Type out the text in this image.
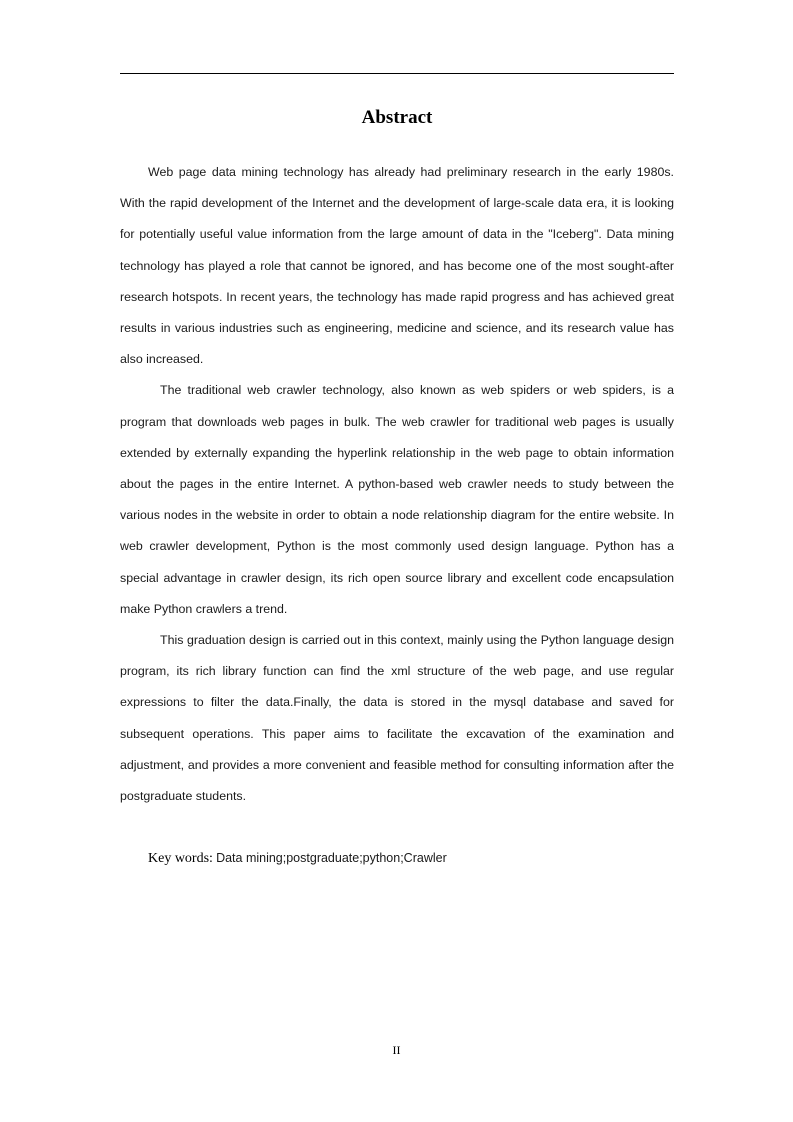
Abstract

Web page data mining technology has already had preliminary research in the early 1980s. With the rapid development of the Internet and the development of large-scale data era, it is looking for potentially useful value information from the large amount of data in the "Iceberg". Data mining technology has played a role that cannot be ignored, and has become one of the most sought-after research hotspots. In recent years, the technology has made rapid progress and has achieved great results in various industries such as engineering, medicine and science, and its research value has also increased.

The traditional web crawler technology, also known as web spiders or web spiders, is a program that downloads web pages in bulk. The web crawler for traditional web pages is usually extended by externally expanding the hyperlink relationship in the web page to obtain information about the pages in the entire Internet. A python-based web crawler needs to study between the various nodes in the website in order to obtain a node relationship diagram for the entire website. In web crawler development, Python is the most commonly used design language. Python has a special advantage in crawler design, its rich open source library and excellent code encapsulation make Python crawlers a trend.

This graduation design is carried out in this context, mainly using the Python language design program, its rich library function can find the xml structure of the web page, and use regular expressions to filter the data.Finally, the data is stored in the mysql database and saved for subsequent operations. This paper aims to facilitate the excavation of the examination and adjustment, and provides a more convenient and feasible method for consulting information after the postgraduate students.

Key words: Data mining;postgraduate;python;Crawler
II
